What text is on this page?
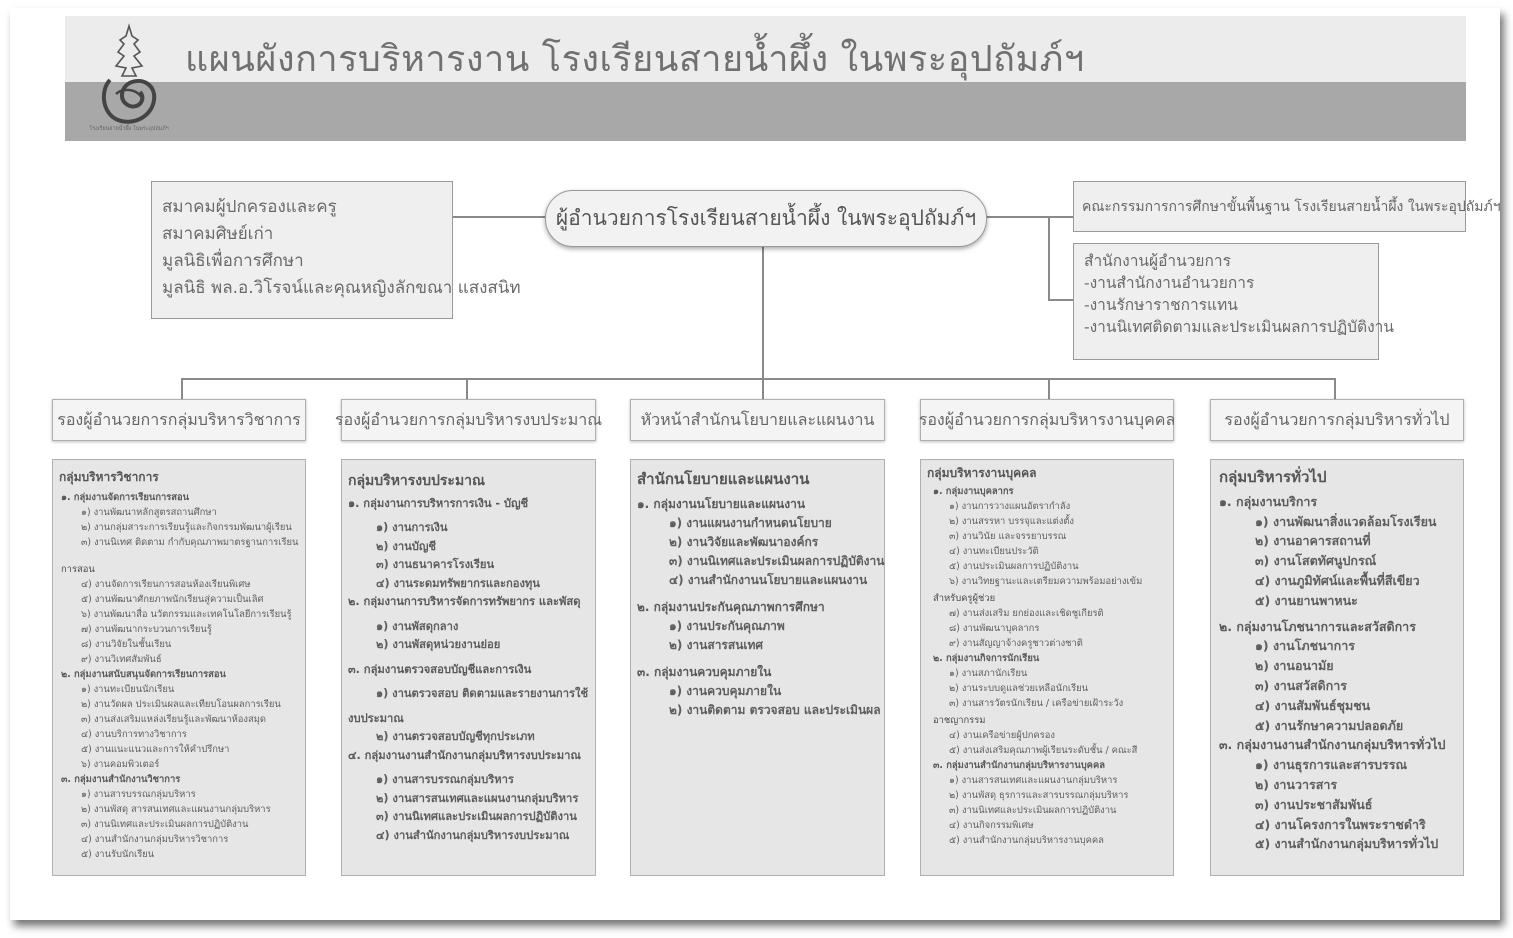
แผนผังการบริหารงาน โรงเรียนสายน้ำผึ้ง ในพระอุปถัมภ์ฯ
โรงเรียนสายน้ำผึ้ง ในพระอุปถัมภ์ฯ
สมาคมผู้ปกครองและครู
สมาคมศิษย์เก่า
มูลนิธิเพื่อการศึกษา
มูลนิธิ พล.อ.วิโรจน์และคุณหญิงลักขณา แสงสนิท
ผู้อำนวยการโรงเรียนสายน้ำผึ้ง ในพระอุปถัมภ์ฯ	คณะกรรมการการศึกษาขั้นพื้นฐาน โรงเรียนสายน้ำผึ้ง ในพระอุปถัมภ์ฯ
สำนักงานผู้อำนวยการ
-งานสำนักงานอำนวยการ
-งานรักษาราชการแทน
-งานนิเทศติดตามและประเมินผลการปฏิบัติงาน
รองผู้อำนวยการกลุ่มบริหารวิชาการ	รองผู้อำนวยการกลุ่มบริหารงบประมาณ	หัวหน้าสำนักนโยบายและแผนงาน	รองผู้อำนวยการกลุ่มบริหารงานบุคคล	รองผู้อำนวยการกลุ่มบริหารทั่วไป
กลุ่มบริหารวิชาการ
๑. กลุ่มงานจัดการเรียนการสอน
๑) งานพัฒนาหลักสูตรสถานศึกษา
๒) งานกลุ่มสาระการเรียนรู้และกิจกรรมพัฒนาผู้เรียน
๓) งานนิเทศ ติดตาม กำกับคุณภาพมาตรฐานการเรียน
การสอน
๔) งานจัดการเรียนการสอนห้องเรียนพิเศษ
๕) งานพัฒนาศักยภาพนักเรียนสู่ความเป็นเลิศ
๖) งานพัฒนาสื่อ นวัตกรรมและเทคโนโลยีการเรียนรู้
๗) งานพัฒนากระบวนการเรียนรู้
๘) งานวิจัยในชั้นเรียน
๙) งานวิเทศสัมพันธ์
๒. กลุ่มงานสนับสนุนจัดการเรียนการสอน
๑) งานทะเบียนนักเรียน
๒) งานวัดผล ประเมินผลและเทียบโอนผลการเรียน
๓) งานส่งเสริมแหล่งเรียนรู้และพัฒนาห้องสมุด
๔) งานบริการทางวิชาการ
๕) งานแนะแนวและการให้คำปรึกษา
๖) งานคอมพิวเตอร์
๓. กลุ่มงานสำนักงานวิชาการ
๑) งานสารบรรณกลุ่มบริหาร
๒) งานพัสดุ สารสนเทศและแผนงานกลุ่มบริหาร
๓) งานนิเทศและประเมินผลการปฏิบัติงาน
๔) งานสำนักงานกลุ่มบริหารวิชาการ
๕) งานรับนักเรียน
กลุ่มบริหารงบประมาณ
๑. กลุ่มงานการบริหารการเงิน - บัญชี
๑) งานการเงิน
๒) งานบัญชี
๓) งานธนาคารโรงเรียน
๔) งานระดมทรัพยากรและกองทุน
๒. กลุ่มงานการบริหารจัดการทรัพยากร และพัสดุ
๑) งานพัสดุกลาง
๒) งานพัสดุหน่วยงานย่อย
๓. กลุ่มงานตรวจสอบบัญชีและการเงิน
๑) งานตรวจสอบ ติดตามและรายงานการใช้
งบประมาณ
๒) งานตรวจสอบบัญชีทุกประเภท
๔. กลุ่มงานงานสำนักงานกลุ่มบริหารงบประมาณ
๑) งานสารบรรณกลุ่มบริหาร
๒) งานสารสนเทศและแผนงานกลุ่มบริหาร
๓) งานนิเทศและประเมินผลการปฏิบัติงาน
๔) งานสำนักงานกลุ่มบริหารงบประมาณ
สำนักนโยบายและแผนงาน
๑. กลุ่มงานนโยบายและแผนงาน
๑) งานแผนงานกำหนดนโยบาย
๒) งานวิจัยและพัฒนาองค์กร
๓) งานนิเทศและประเมินผลการปฏิบัติงาน
๔) งานสำนักงานนโยบายและแผนงาน
๒. กลุ่มงานประกันคุณภาพการศึกษา
๑) งานประกันคุณภาพ
๒) งานสารสนเทศ
๓. กลุ่มงานควบคุมภายใน
๑) งานควบคุมภายใน
๒) งานติดตาม ตรวจสอบ และประเมินผล
กลุ่มบริหารงานบุคคล
๑. กลุ่มงานบุคลากร
๑) งานการวางแผนอัตรากำลัง
๒) งานสรรหา บรรจุและแต่งตั้ง
๓) งานวินัย และจรรยาบรรณ
๔) งานทะเบียนประวัติ
๕) งานประเมินผลการปฏิบัติงาน
๖) งานวิทยฐานะและเตรียมความพร้อมอย่างเข้ม
สำหรับครูผู้ช่วย
๗) งานส่งเสริม ยกย่องและเชิดชูเกียรติ
๘) งานพัฒนาบุคลากร
๙) งานสัญญาจ้างครูชาวต่างชาติ
๒. กลุ่มงานกิจการนักเรียน
๑) งานสภานักเรียน
๒) งานระบบดูแลช่วยเหลือนักเรียน
๓) งานสารวัตรนักเรียน / เครือข่ายเฝ้าระวัง
อาชญากรรม
๔) งานเครือข่ายผู้ปกครอง
๕) งานส่งเสริมคุณภาพผู้เรียนระดับชั้น / คณะสี
๓. กลุ่มงานสำนักงานกลุ่มบริหารงานบุคคล
๑) งานสารสนเทศและแผนงานกลุ่มบริหาร
๒) งานพัสดุ ธุรการและสารบรรณกลุ่มบริหาร
๓) งานนิเทศและประเมินผลการปฏิบัติงาน
๔) งานกิจกรรมพิเศษ
๕) งานสำนักงานกลุ่มบริหารงานบุคคล
กลุ่มบริหารทั่วไป
๑. กลุ่มงานบริการ
๑) งานพัฒนาสิ่งแวดล้อมโรงเรียน
๒) งานอาคารสถานที่
๓) งานโสตทัศนูปกรณ์
๔) งานภูมิทัศน์และพื้นที่สีเขียว
๕) งานยานพาหนะ
๒. กลุ่มงานโภชนาการและสวัสดิการ
๑) งานโภชนาการ
๒) งานอนามัย
๓) งานสวัสดิการ
๔) งานสัมพันธ์ชุมชน
๕) งานรักษาความปลอดภัย
๓. กลุ่มงานงานสำนักงานกลุ่มบริหารทั่วไป
๑) งานธุรการและสารบรรณ
๒) งานวารสาร
๓) งานประชาสัมพันธ์
๔) งานโครงการในพระราชดำริ
๕) งานสำนักงานกลุ่มบริหารทั่วไป
